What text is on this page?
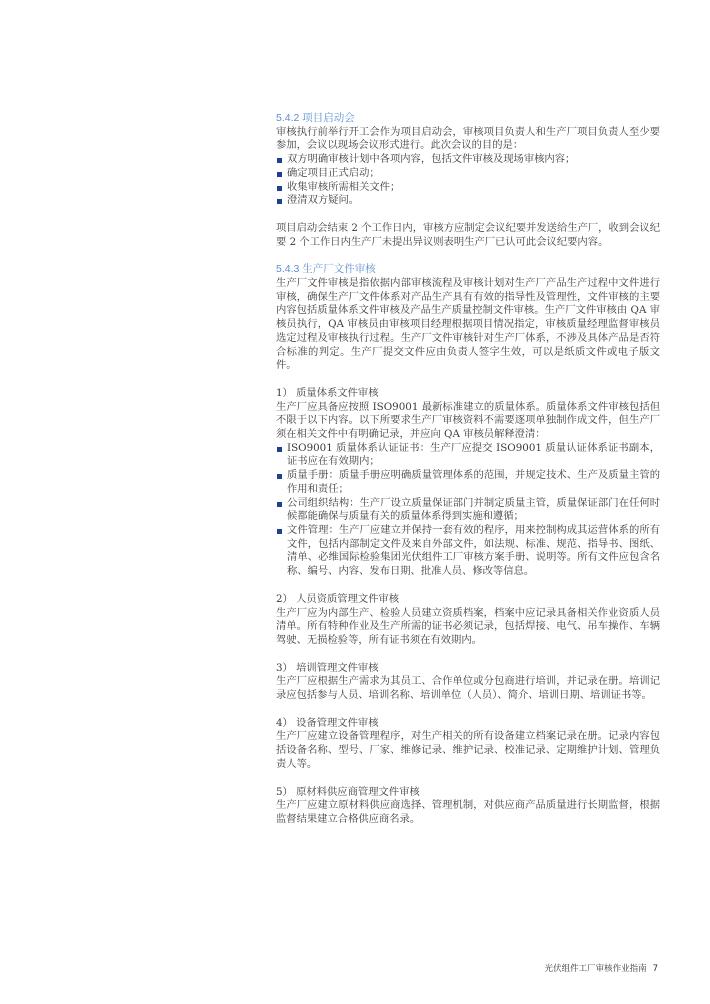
5.4.2 项目启动会

审核执行前举行开工会作为项目启动会，审核项目负责人和生产厂项目负责人至少要参加，会议以现场会议形式进行。此次会议的目的是：

双方明确审核计划中各项内容，包括文件审核及现场审核内容；
确定项目正式启动；
收集审核所需相关文件；
澄清双方疑问。

项目启动会结束 2 个工作日内，审核方应制定会议纪要并发送给生产厂，收到会议纪要 2 个工作日内生产厂未提出异议则表明生产厂已认可此会议纪要内容。

5.4.3 生产厂文件审核

生产厂文件审核是指依据内部审核流程及审核计划对生产厂产品生产过程中文件进行审核，确保生产厂文件体系对产品生产具有有效的指导性及管理性，文件审核的主要内容包括质量体系文件审核及产品生产质量控制文件审核。生产厂文件审核由 QA 审核员执行，QA 审核员由审核项目经理根据项目情况指定，审核质量经理监督审核员选定过程及审核执行过程。生产厂文件审核针对生产厂体系，不涉及具体产品是否符合标准的判定。生产厂提交文件应由负责人签字生效，可以是纸质文件或电子版文件。

1） 质量体系文件审核

生产厂应具备应按照 ISO9001 最新标准建立的质量体系。质量体系文件审核包括但不限于以下内容。以下所要求生产厂审核资料不需要逐项单独制作成文件，但生产厂须在相关文件中有明确记录，并应向 QA 审核员解释澄清：

ISO9001 质量体系认证证书：生产厂应提交 ISO9001 质量认证体系证书副本，证书应在有效期内；
质量手册：质量手册应明确质量管理体系的范围，并规定技术、生产及质量主管的作用和责任；
公司组织结构：生产厂设立质量保证部门并制定质量主管，质量保证部门在任何时候都能确保与质量有关的质量体系得到实施和遵循；
文件管理：生产厂应建立并保持一套有效的程序，用来控制构成其运营体系的所有文件，包括内部制定文件及来自外部文件，如法规、标准、规范、指导书、图纸、清单、必维国际检验集团光伏组件工厂审核方案手册、说明等。所有文件应包含名称、编号、内容、发布日期、批准人员、修改等信息。

2） 人员资质管理文件审核

生产厂应为内部生产、检验人员建立资质档案，档案中应记录具备相关作业资质人员清单。所有特种作业及生产所需的证书必须记录，包括焊接、电气、吊车操作、车辆驾驶、无损检验等，所有证书须在有效期内。

3） 培训管理文件审核

生产厂应根据生产需求为其员工、合作单位或分包商进行培训，并记录在册。培训记录应包括参与人员、培训名称、培训单位（人员）、简介、培训日期、培训证书等。

4） 设备管理文件审核

生产厂应建立设备管理程序，对生产相关的所有设备建立档案记录在册。记录内容包括设备名称、型号、厂家、维修记录、维护记录、校准记录、定期维护计划、管理负责人等。

5） 原材料供应商管理文件审核

生产厂应建立原材料供应商选择、管理机制，对供应商产品质量进行长期监督，根据监督结果建立合格供应商名录。

光伏组件工厂审核作业指南 7
